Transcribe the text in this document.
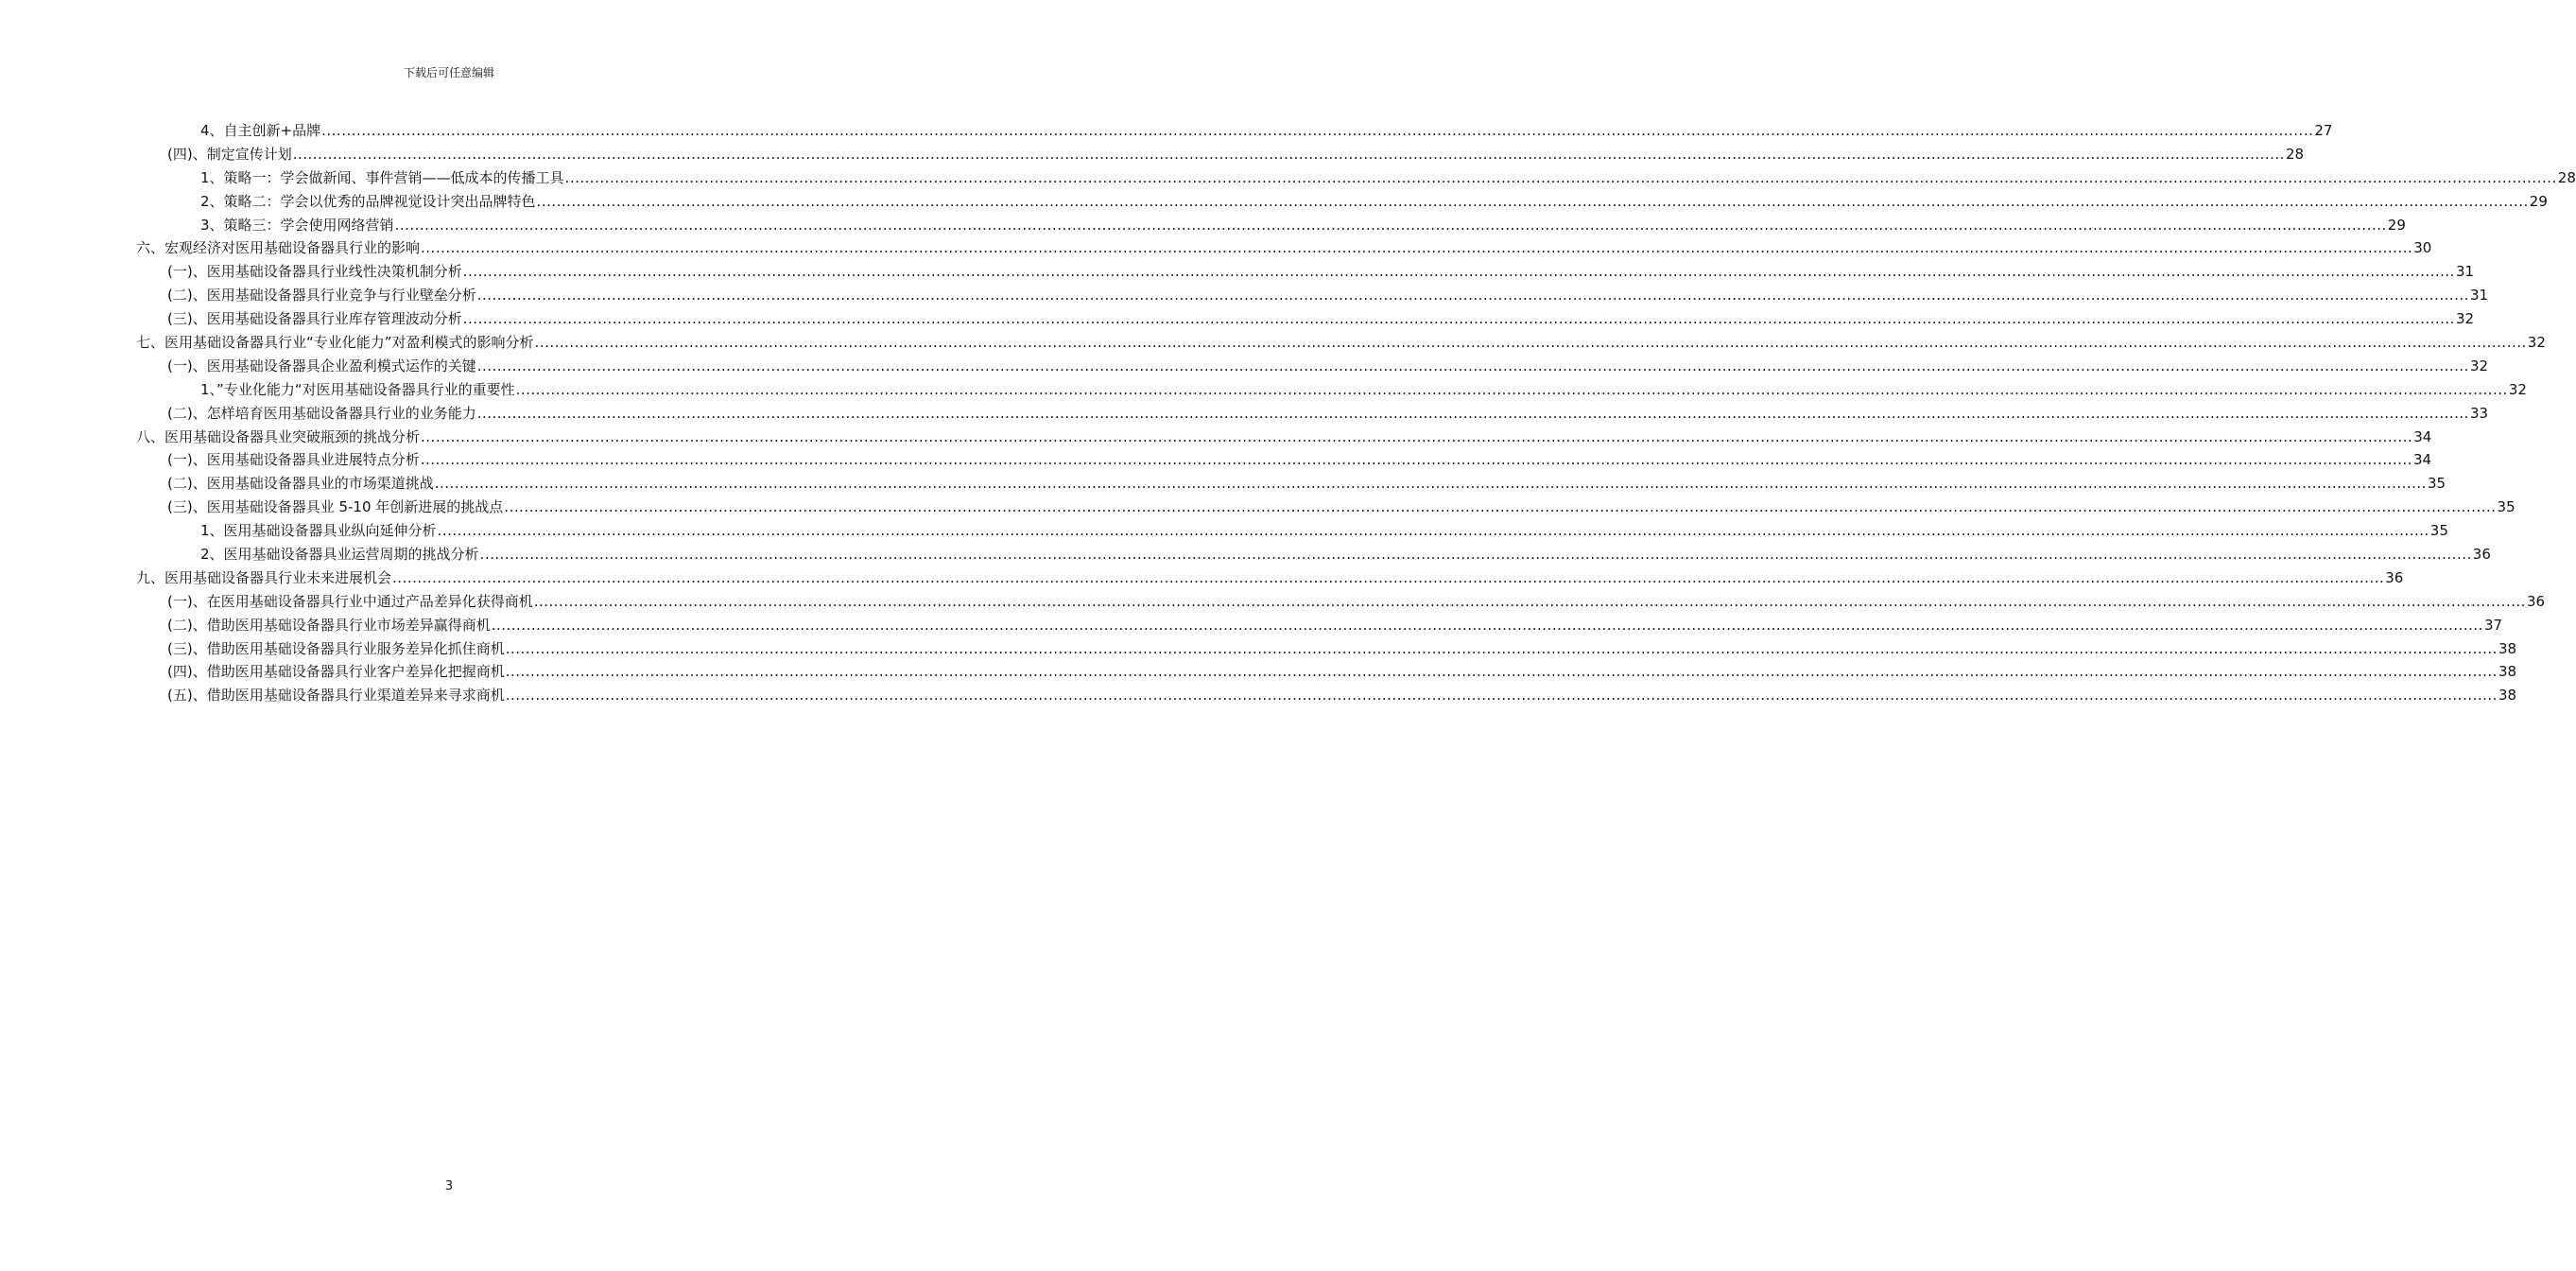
下载后可任意编辑
4、自主创新+品牌 ................................................................................................................................................................................................................................................................................................................................................................................................................ 27
(四)、制定宣传计划 ................................................................................................................................................................................................................................................................................................................................................................................................................ 28
1、策略一：学会做新闻、事件营销——低成本的传播工具 ................................................................................................................................................................................................................................................................................................................................................................................................................ 28
2、策略二：学会以优秀的品牌视觉设计突出品牌特色 ................................................................................................................................................................................................................................................................................................................................................................................................................ 29
3、策略三：学会使用网络营销 ................................................................................................................................................................................................................................................................................................................................................................................................................ 29
六、宏观经济对医用基础设备器具行业的影响 ................................................................................................................................................................................................................................................................................................................................................................................................................ 30
(一)、医用基础设备器具行业线性决策机制分析 ................................................................................................................................................................................................................................................................................................................................................................................................................ 31
(二)、医用基础设备器具行业竞争与行业壁垒分析 ................................................................................................................................................................................................................................................................................................................................................................................................................ 31
(三)、医用基础设备器具行业库存管理波动分析 ................................................................................................................................................................................................................................................................................................................................................................................................................ 32
七、医用基础设备器具行业“专业化能力”对盈利模式的影响分析 ................................................................................................................................................................................................................................................................................................................................................................................................................ 32
(一)、医用基础设备器具企业盈利模式运作的关键 ................................................................................................................................................................................................................................................................................................................................................................................................................ 32
1、”专业化能力“对医用基础设备器具行业的重要性 ................................................................................................................................................................................................................................................................................................................................................................................................................ 32
(二)、怎样培育医用基础设备器具行业的业务能力 ................................................................................................................................................................................................................................................................................................................................................................................................................ 33
八、医用基础设备器具业突破瓶颈的挑战分析 ................................................................................................................................................................................................................................................................................................................................................................................................................ 34
(一)、医用基础设备器具业进展特点分析 ................................................................................................................................................................................................................................................................................................................................................................................................................ 34
(二)、医用基础设备器具业的市场渠道挑战 ................................................................................................................................................................................................................................................................................................................................................................................................................ 35
(三)、医用基础设备器具业 5-10 年创新进展的挑战点 ................................................................................................................................................................................................................................................................................................................................................................................................................ 35
1、医用基础设备器具业纵向延伸分析 ................................................................................................................................................................................................................................................................................................................................................................................................................ 35
2、医用基础设备器具业运营周期的挑战分析 ................................................................................................................................................................................................................................................................................................................................................................................................................ 36
九、医用基础设备器具行业未来进展机会 ................................................................................................................................................................................................................................................................................................................................................................................................................ 36
(一)、在医用基础设备器具行业中通过产品差异化获得商机 ................................................................................................................................................................................................................................................................................................................................................................................................................ 36
(二)、借助医用基础设备器具行业市场差异赢得商机 ................................................................................................................................................................................................................................................................................................................................................................................................................ 37
(三)、借助医用基础设备器具行业服务差异化抓住商机 ................................................................................................................................................................................................................................................................................................................................................................................................................ 38
(四)、借助医用基础设备器具行业客户差异化把握商机 ................................................................................................................................................................................................................................................................................................................................................................................................................ 38
(五)、借助医用基础设备器具行业渠道差异来寻求商机 ................................................................................................................................................................................................................................................................................................................................................................................................................ 38
3
